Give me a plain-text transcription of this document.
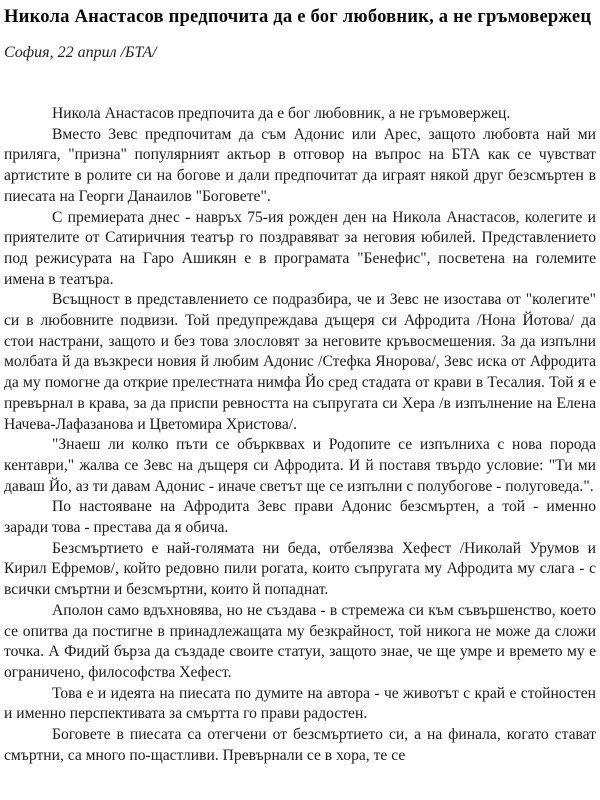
Никола Анастасов предпочита да е бог любовник, а не гръмовержец
София, 22 април /БТА/

Никола Анастасов предпочита да е бог любовник, а не гръмовержец.

Вместо Зевс предпочитам да съм Адонис или Арес, защото любовта най ми приляга, "призна" популярният актьор в отговор на въпрос на БТА как се чувстват артистите в ролите си на богове и дали предпочитат да играят някой друг безсмъртен в пиесата на Георги Данаилов "Боговете".

С премиерата днес - навръх 75-ия рожден ден на Никола Анастасов, колегите и приятелите от Сатиричния театър го поздравяват за неговия юбилей. Представлението под режисурата на Гаро Ашикян е в програмата "Бенефис", посветена на големите имена в театъра.

Всъщност в представлението се подразбира, че и Зевс не изостава от "колегите" си в любовните подвизи. Той предупреждава дъщеря си Афродита /Нона Йотова/ да стои настрани, защото и без това злословят за неговите кръвосмешения. За да изпълни молбата й да възкреси новия й любим Адонис /Стефка Янорова/, Зевс иска от Афродита да му помогне да открие прелестната нимфа Йо сред стадата от крави в Тесалия. Той я е превърнал в крава, за да приспи ревността на съпругата си Хера /в изпълнение на Елена Начева-Лафазанова и Цветомира Христова/.

"Знаеш ли колко пъти се объркввах и Родопите се изпълниха с нова порода кентаври," жалва се Зевс на дъщеря си Афродита. И й поставя твърдо условие: "Ти ми даваш Йо, аз ти давам Адонис - иначе светът ще се изпълни с полубогове - полуговеда.".

По настояване на Афродита Зевс прави Адонис безсмъртен, а той - именно заради това - престава да я обича.

Безсмъртието е най-голямата ни беда, отбелязва Хефест /Николай Урумов и Кирил Ефремов/, който редовно пили рогата, които съпругата му Афродита му слага - с всички смъртни и безсмъртни, които й попаднат.

Аполон само вдъхновява, но не създава - в стремежа си към съвършенство, което се опитва да постигне в принадлежащата му безкрайност, той никога не може да сложи точка. А Фидий бърза да създаде своите статуи, защото знае, че ще умре и времето му е ограничено, философства Хефест.

Това е и идеята на пиесата по думите на автора - че животът с край е стойностен и именно перспективата за смъртта го прави радостен.

Боговете в пиесата са отегчени от безсмъртието си, а на финала, когато стават смъртни, са много по-щастливи. Превърнали се в хора, те се
